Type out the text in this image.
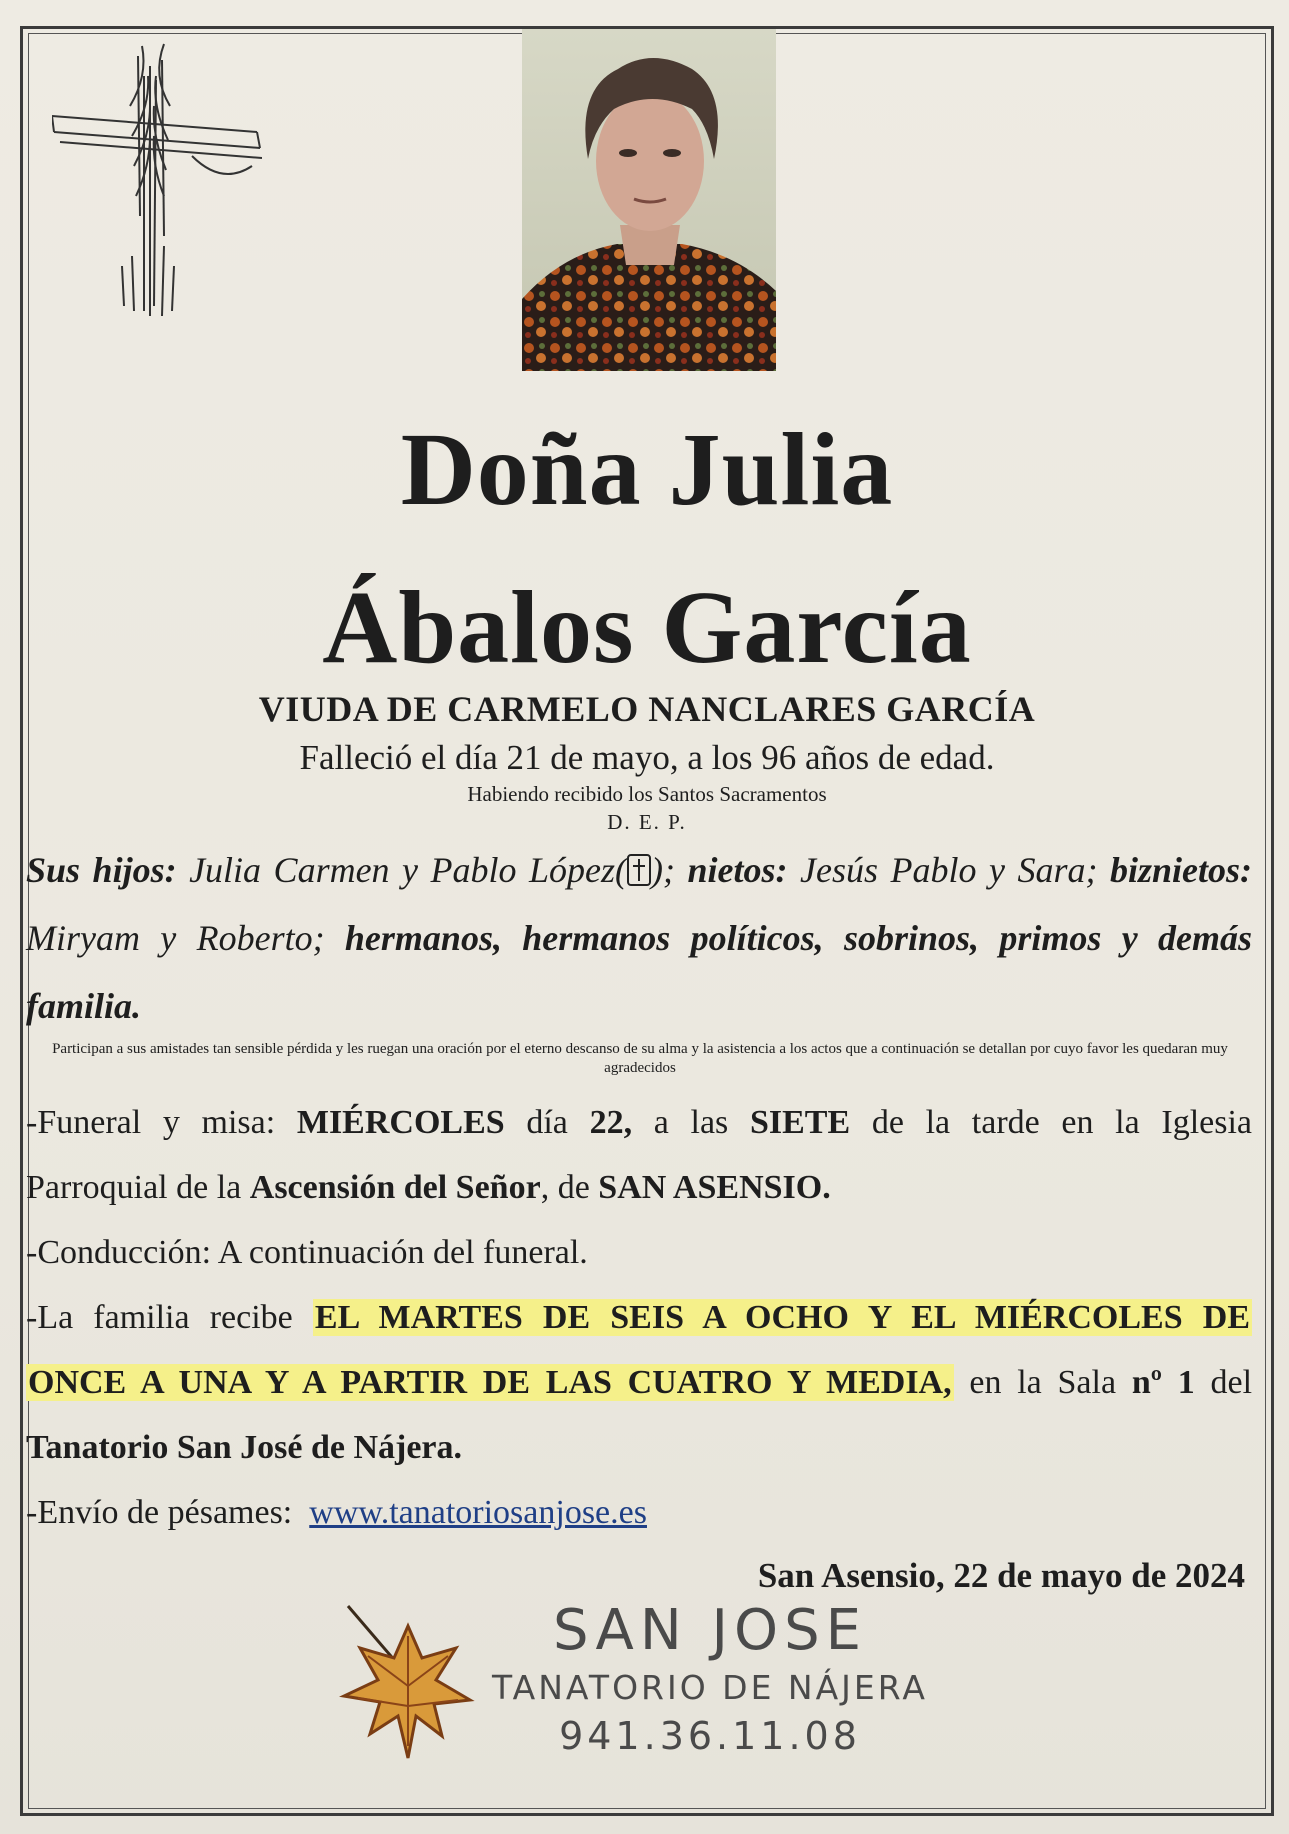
Doña Julia
Ábalos García
VIUDA DE CARMELO NANCLARES GARCÍA
Falleció el día 21 de mayo, a los 96 años de edad.
Habiendo recibido los Santos Sacramentos
D. E. P.
Sus hijos: Julia Carmen y Pablo López( ); nietos: Jesús Pablo y Sara; biznietos: Miryam y Roberto; hermanos, hermanos políticos, sobrinos, primos y demás familia.
Participan a sus amistades tan sensible pérdida y les ruegan una oración por el eterno descanso de su alma y la asistencia a los actos que a continuación se detallan por cuyo favor les quedaran muy agradecidos

-Funeral y misa: MIÉRCOLES día 22, a las SIETE de la tarde en la Iglesia

Parroquial de la Ascensión del Señor, de SAN ASENSIO.

-Conducción: A continuación del funeral.

-La familia recibe EL MARTES DE SEIS A OCHO Y EL MIÉRCOLES DE

ONCE A UNA Y A PARTIR DE LAS CUATRO Y MEDIA, en la Sala nº 1 del

Tanatorio San José de Nájera.

-Envío de pésames: www.tanatoriosanjose.es

San Asensio, 22 de mayo de 2024
SAN JOSE
TANATORIO DE NÁJERA
941.36.11.08
